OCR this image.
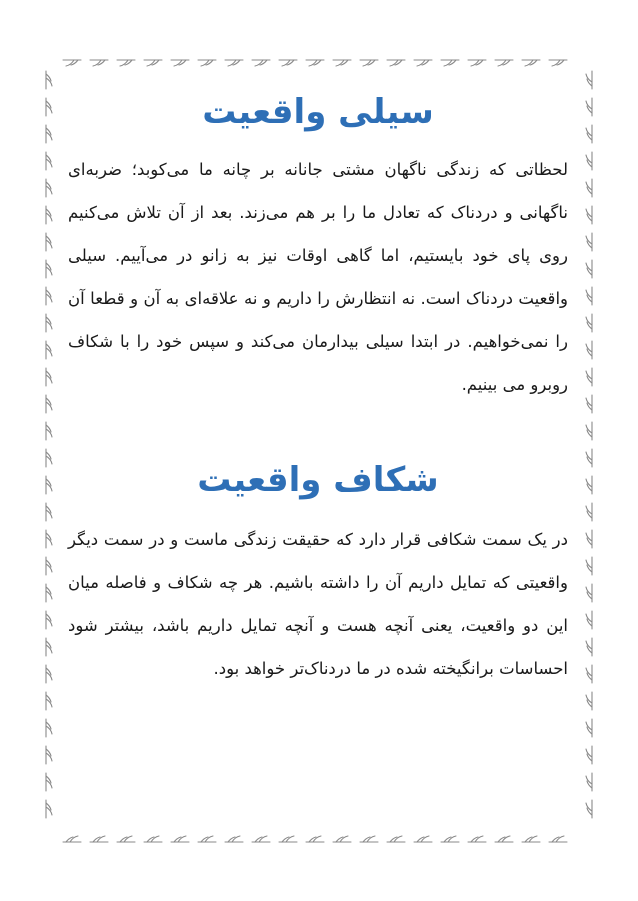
سیلی واقعیت

لحظاتی که زندگی ناگهان مشتی جانانه بر چانه ما می‌کوبد؛ ضربه‌ای ناگهانی و دردناک که تعادل ما را بر هم می‌زند. بعد از آن تلاش می‌کنیم روی پای خود بایستیم، اما گاهی اوقات نیز به زانو در می‌آییم. سیلی واقعیت دردناک است. نه انتظارش را داریم و نه علاقه‌ای به آن و قطعا آن را نمی‌خواهیم. در ابتدا سیلی بیدارمان می‌کند و سپس خود را با شکاف روبرو می بینیم.

شکاف واقعیت

در یک سمت شکافی قرار دارد که حقیقت زندگی ماست و در سمت دیگر واقعیتی که تمایل داریم آن را داشته باشیم. هر چه شکاف و فاصله میان این دو واقعیت، یعنی آنچه هست و آنچه تمایل داریم باشد، بیشتر شود احساسات برانگیخته شده در ما دردناک‌تر خواهد بود.
